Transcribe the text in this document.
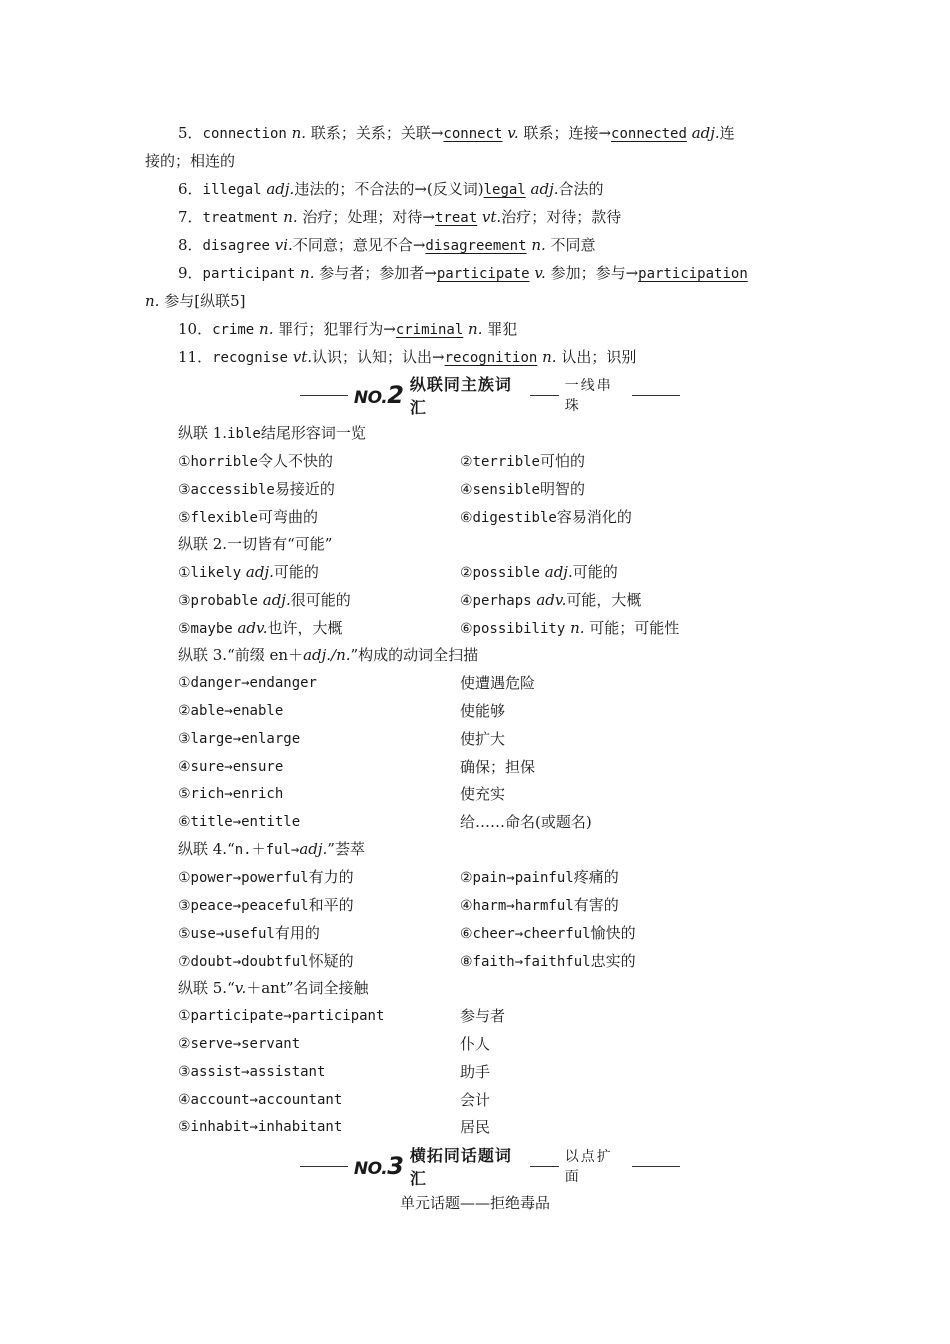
5．connection n. 联系；关系；关联→connect v. 联系；连接→connected adj.连
接的；相连的
6．illegal adj.违法的；不合法的→(反义词)legal adj.合法的
7．treatment n. 治疗；处理；对待→treat vt.治疗；对待；款待
8．disagree vi.不同意；意见不合→disagreement n. 不同意
9．participant n. 参与者；参加者→participate v. 参加；参与→participation
n. 参与[纵联5]
10．crime n. 罪行；犯罪行为→criminal n. 罪犯
11．recognise vt.认识；认知；认出→recognition n. 认出；识别
NO.2 纵联同主族词汇
一线串珠
纵联 1.ible结尾形容词一览
①horrible令人不快的	②terrible可怕的
③accessible易接近的	④sensible明智的
⑤flexible可弯曲的	⑥digestible容易消化的
纵联 2.一切皆有“可能”
①likely adj.可能的	②possible adj.可能的
③probable adj.很可能的	④perhaps adv.可能，大概
⑤maybe adv.也许，大概	⑥possibility n. 可能；可能性
纵联 3.“前缀 en＋adj./n.”构成的动词全扫描
①danger→endanger	使遭遇危险
②able→enable	使能够
③large→enlarge	使扩大
④sure→ensure	确保；担保
⑤rich→enrich	使充实
⑥title→entitle	给……命名(或题名)
纵联 4.“n.＋ful→adj.”荟萃
①power→powerful有力的	②pain→painful疼痛的
③peace→peaceful和平的	④harm→harmful有害的
⑤use→useful有用的	⑥cheer→cheerful愉快的
⑦doubt→doubtful怀疑的	⑧faith→faithful忠实的
纵联 5.“v.＋ant”名词全接触
①participate→participant	参与者
②serve→servant	仆人
③assist→assistant	助手
④account→accountant	会计
⑤inhabit→inhabitant	居民
NO.3 横拓同话题词汇
以点扩面
单元话题——拒绝毒品
